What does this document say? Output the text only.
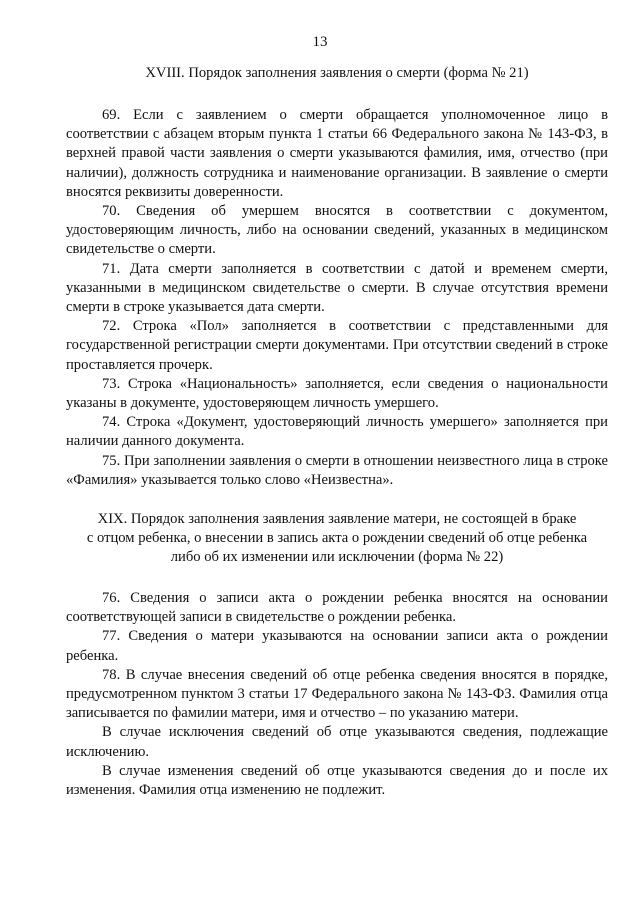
13

XVIII. Порядок заполнения заявления о смерти (форма № 21)

69. Если с заявлением о смерти обращается уполномоченное лицо в соответствии с абзацем вторым пункта 1 статьи 66 Федерального закона № 143-ФЗ, в верхней правой части заявления о смерти указываются фамилия, имя, отчество (при наличии), должность сотрудника и наименование организации. В заявление о смерти вносятся реквизиты доверенности.

70. Сведения об умершем вносятся в соответствии с документом, удостоверяющим личность, либо на основании сведений, указанных в медицинском свидетельстве о смерти.

71. Дата смерти заполняется в соответствии с датой и временем смерти, указанными в медицинском свидетельстве о смерти. В случае отсутствия времени смерти в строке указывается дата смерти.

72. Строка «Пол» заполняется в соответствии с представленными для государственной регистрации смерти документами. При отсутствии сведений в строке проставляется прочерк.

73. Строка «Национальность» заполняется, если сведения о национальности указаны в документе, удостоверяющем личность умершего.

74. Строка «Документ, удостоверяющий личность умершего» заполняется при наличии данного документа.

75. При заполнении заявления о смерти в отношении неизвестного лица в строке «Фамилия» указывается только слово «Неизвестна».

XIX. Порядок заполнения заявления заявление матери, не состоящей в браке

с отцом ребенка, о внесении в запись акта о рождении сведений об отце ребенка

либо об их изменении или исключении (форма № 22)

76. Сведения о записи акта о рождении ребенка вносятся на основании соответствующей записи в свидетельстве о рождении ребенка.

77. Сведения о матери указываются на основании записи акта о рождении ребенка.

78. В случае внесения сведений об отце ребенка сведения вносятся в порядке, предусмотренном пунктом 3 статьи 17 Федерального закона № 143-ФЗ. Фамилия отца записывается по фамилии матери, имя и отчество – по указанию матери.

В случае исключения сведений об отце указываются сведения, подлежащие исключению.

В случае изменения сведений об отце указываются сведения до и после их изменения. Фамилия отца изменению не подлежит.
